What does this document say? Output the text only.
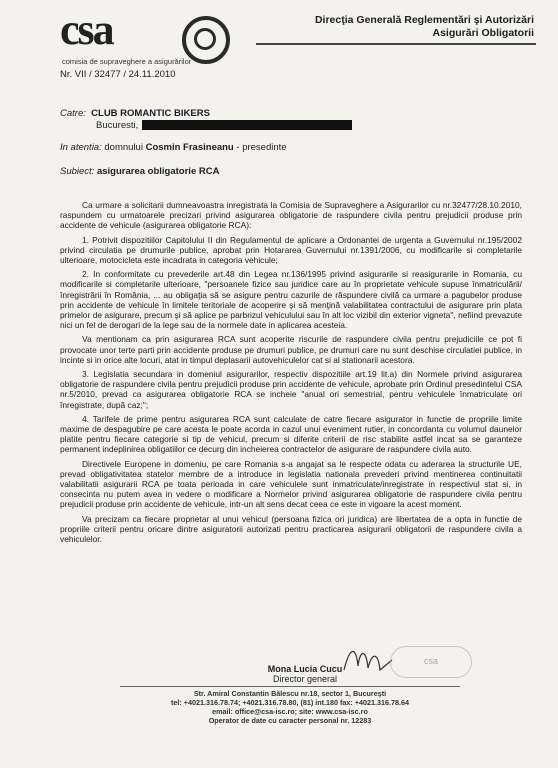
csa
comisia de supraveghere a asigurărilor
Direcţia Generală Reglementări şi Autorizări
Asigurări Obligatorii
Nr. VII / 32477 / 24.11.2010
Catre: CLUB ROMANTIC BIKERS
Bucuresti,
In atentia: domnului Cosmin Frasineanu - presedinte
Subiect: asigurarea obligatorie RCA

Ca urmare a solicitarii dumneavoastra inregistrata la Comisia de Supraveghere a Asigurarilor cu nr.32477/28.10.2010, raspundem cu urmatoarele precizari privind asigurarea obligatorie de raspundere civila pentru prejudicii produse prin accidente de vehicule (asigurarea obligatorie RCA):

1. Potrivit dispozitiilor Capitolului II din Regulamentul de aplicare a Ordonantei de urgenta a Guvernului nr.195/2002 privind circulatia pe drumurile publice, aprobat prin Hotararea Guvernului nr.1391/2006, cu modificarile si completarile ulterioare, motocicleta este incadrata in categoria vehicule;

2. In conformitate cu prevederile art.48 din Legea nr.136/1995 privind asigurarile si reasigurarile in Romania, cu modificarile si completarile ulterioare, "persoanele fizice sau juridice care au în proprietate vehicule supuse înmatriculării/înregistrării în România, ... au obligaţia să se asigure pentru cazurile de răspundere civilă ca urmare a pagubelor produse prin accidente de vehicule în limitele teritoriale de acoperire şi să menţină valabilitatea contractului de asigurare prin plata primelor de asigurare, precum şi să aplice pe parbrizul vehiculului sau în alt loc vizibil din exterior vigneta", nefiind prevazute nici un fel de derogari de la lege sau de la normele date in aplicarea acesteia.

Va mentionam ca prin asigurarea RCA sunt acoperite riscurile de raspundere civila pentru prejudiciile ce pot fi provocate unor terte parti prin accidente produse pe drumuri publice, pe drumuri care nu sunt deschise circulatiei publice, in incinte si in orice alte locuri, atat in timpul deplasarii autovehiculelor cat si al stationarii acestora.

3. Legislatia secundara in domeniul asigurarilor, respectiv dispozitiile art.19 lit.a) din Normele privind asigurarea obligatorie de raspundere civila pentru prejudicii produse prin accidente de vehicule, aprobate prin Ordinul presedintelui CSA nr.5/2010, prevad ca asigurarea obligatorie RCA se incheie "anual ori semestrial, pentru vehiculele înmatriculate ori înregistrate, după caz;";

4. Tarifele de prime pentru asigurarea RCA sunt calculate de catre fiecare asigurator in functie de propriile limite maxime de despagubire pe care acesta le poate acorda in cazul unui eveniment rutier, in concordanta cu volumul daunelor platite pentru fiecare categorie si tip de vehicul, precum si diferite criterii de risc stabilite astfel incat sa se garanteze permanent indeplinirea obligatiilor ce decurg din incheierea contractelor de asigurare de raspundere civila auto.

Directivele Europene in domeniu, pe care Romania s-a angajat sa le respecte odata cu aderarea la structurile UE, prevad obligativitatea statelor membre de a introduce in legislatia nationala prevederi privind mentinerea continuitatii valabilitatii asigurarii RCA pe toata perioada in care vehiculele sunt inmatriculate/inregistrate in respectivul stat si, in consecinta nu putem avea in vedere o modificare a Normelor privind asigurarea obligatorie de raspundere civila pentru prejudicii produse prin accidente de vehicule, intr-un alt sens decat ceea ce este in vigoare la acest moment.

Va precizam ca fiecare proprietar al unui vehicul (persoana fizica ori juridica) are libertatea de a opta in functie de propriile criterii pentru oricare dintre asiguratorii autorizati pentru practicarea asigurarii obligatorii de raspundere civila a vehiculelor.

Mona Lucia Cucu
Director general
csa
Str. Amiral Constantin Bălescu nr.18, sector 1, Bucureşti
tel: +4021.316.78.74; +4021.316.78.80, (81) int.180 fax: +4021.316.78.64
email: office@csa-isc.ro; site: www.csa-isc.ro
Operator de date cu caracter personal nr. 12283
